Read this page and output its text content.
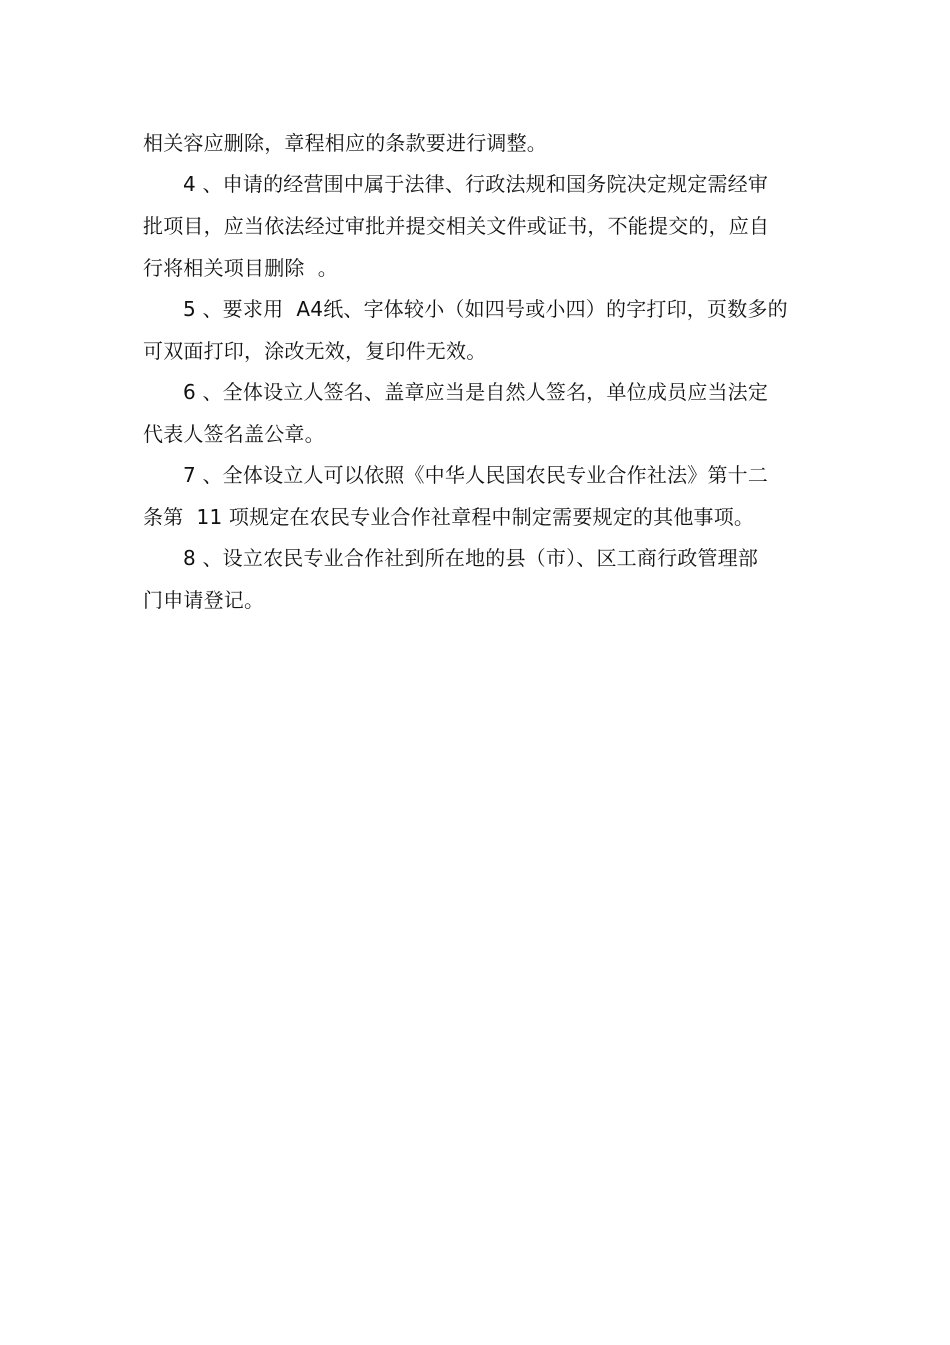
相关容应删除，章程相应的条款要进行调整。
4 、申请的经营围中属于法律、行政法规和国务院决定规定需经审
批项目，应当依法经过审批并提交相关文件或证书，不能提交的，应自
行将相关项目删除  。
5 、要求用  A4纸、字体较小（如四号或小四）的字打印，页数多的
可双面打印，涂改无效，复印件无效。
6 、全体设立人签名、盖章应当是自然人签名，单位成员应当法定
代表人签名盖公章。
7 、全体设立人可以依照《中华人民国农民专业合作社法》第十二
条第  11 项规定在农民专业合作社章程中制定需要规定的其他事项。
8 、设立农民专业合作社到所在地的县（市）、区工商行政管理部
门申请登记。
